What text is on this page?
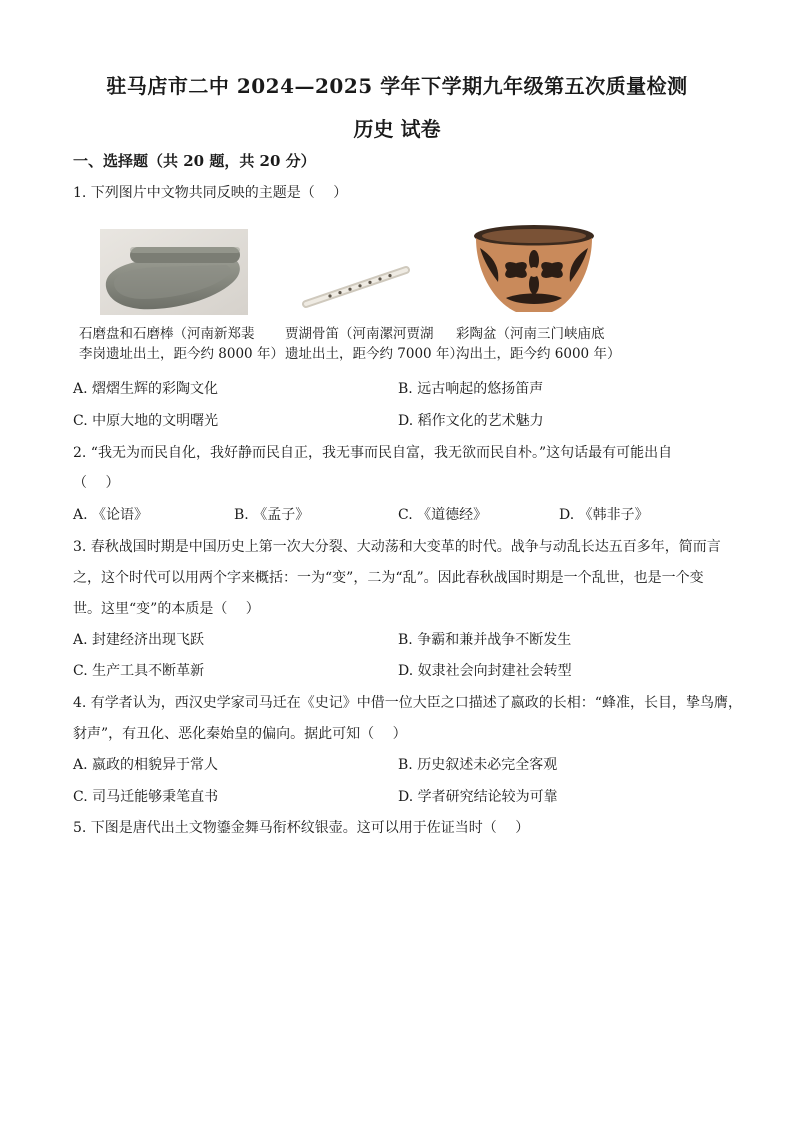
驻马店市二中 2024—2025 学年下学期九年级第五次质量检测
历史 试卷
一、选择题（共 20 题，共 20 分）
1. 下列图片中文物共同反映的主题是（　 ）
石磨盘和石磨棒（河南新郑裴
李岗遗址出土，距今约 8000 年）
贾湖骨笛（河南漯河贾湖
遗址出土，距今约 7000 年）
彩陶盆（河南三门峡庙底
沟出土，距今约 6000 年）
A. 熠熠生辉的彩陶文化	B. 远古响起的悠扬笛声
C. 中原大地的文明曙光	D. 稻作文化的艺术魅力
2. “我无为而民自化，我好静而民自正，我无事而民自富，我无欲而民自朴。”这句话最有可能出自
（　 ）
A. 《论语》	B. 《孟子》	C. 《道德经》	D. 《韩非子》
3. 春秋战国时期是中国历史上第一次大分裂、大动荡和大变革的时代。战争与动乱长达五百多年，简而言
之，这个时代可以用两个字来概括：一为“变”，二为“乱”。因此春秋战国时期是一个乱世，也是一个变
世。这里“变”的本质是（　 ）
A. 封建经济出现飞跃	B. 争霸和兼并战争不断发生
C. 生产工具不断革新	D. 奴隶社会向封建社会转型
4. 有学者认为，西汉史学家司马迁在《史记》中借一位大臣之口描述了嬴政的长相：“蜂准，长目，挚鸟膺，
豺声”，有丑化、恶化秦始皇的偏向。据此可知（　 ）
A. 嬴政的相貌异于常人	B. 历史叙述未必完全客观
C. 司马迁能够秉笔直书	D. 学者研究结论较为可靠
5. 下图是唐代出土文物鎏金舞马衔杯纹银壶。这可以用于佐证当时（　 ）
